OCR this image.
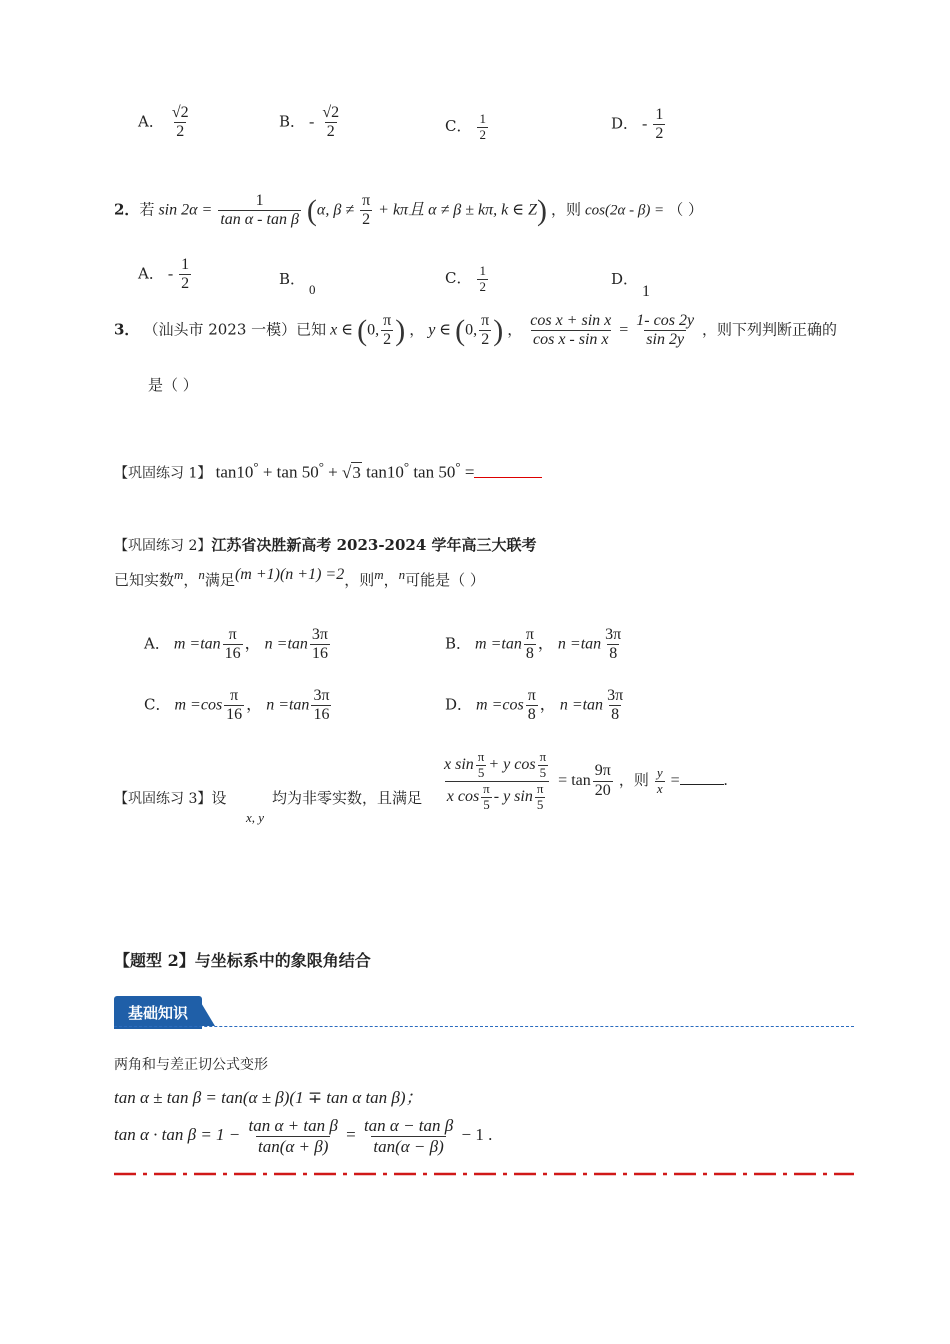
A． $\frac{√2}{2}$	B． - $\frac{√2}{2}$	C． $\frac{1}{2}$	D． - $\frac{1}{2}$
2．若 $\sin 2\alpha = \frac{1}{\text{tan α - tan β}} (\alpha$, $\beta \ne \frac{\pi}{2} + k\pi$且 α ≠ β ± kπ, k ∈ Z) ，则 cos(2α - β) = （ ）
A． - $\frac{1}{2}$	B． $_0$
C． $\frac{1}{2}$	D． 1
3． （汕头市 2023 一模）已知 x ∈ (0, $\frac{\pi}{2}$ ) ， y ∈ (0, $\frac{\pi}{2}$ ) ， $\frac{\text{cos x + sin x}}{\text{cos x - sin x}} = \frac{1- \cos 2y}{\sin 2y}$ ，则下列判断正确的
是（ ）
【巩固练习 1】 tan10° + tan 50° + √3 tan10° tan 50° =
【巩固练习 2】江苏省决胜新高考 2023-2024 学年高三大联考
已知实数$^m$，$^n$满足$^{(m +1)(n +1) =2}$，则$^m$，$^n$可能是（ ）
A． $m =\tan \frac{\pi}{16}$ ， $n =\tan \frac{3\pi}{16}$	B． $m =\tan \frac{\pi}{8}$ ， $n =\tan \frac{3\pi}{8}$
C． $m =\cos \frac{\pi}{16}$ ， $n =\tan \frac{3\pi}{16}$	D． $m =\cos \frac{\pi}{8}$ ， $n =\tan \frac{3\pi}{8}$
【巩固练习 3】设
x, y
均为非零实数，且满足 $\frac{x \sin \frac{\pi}{5} + y \cos \frac{\pi}{5}}{x \cos \frac{\pi}{5} - y \sin \frac{\pi}{5}} = \tan \frac{9\pi}{20}$ ，则 $\frac{y}{x}$ =	.
【题型 2】与坐标系中的象限角结合
基础知识
两角和与差正切公式变形
tan α ± tan β = tan(α ± β)(1 ∓ tan α tan β)；
$\tan \alpha \cdot \tan \beta = 1 - \frac{\text{tan α + tan β}}{\tan(\alpha + \beta)} = \frac{\text{tan α − tan β}}{\tan(\alpha - \beta)} - 1$ .
